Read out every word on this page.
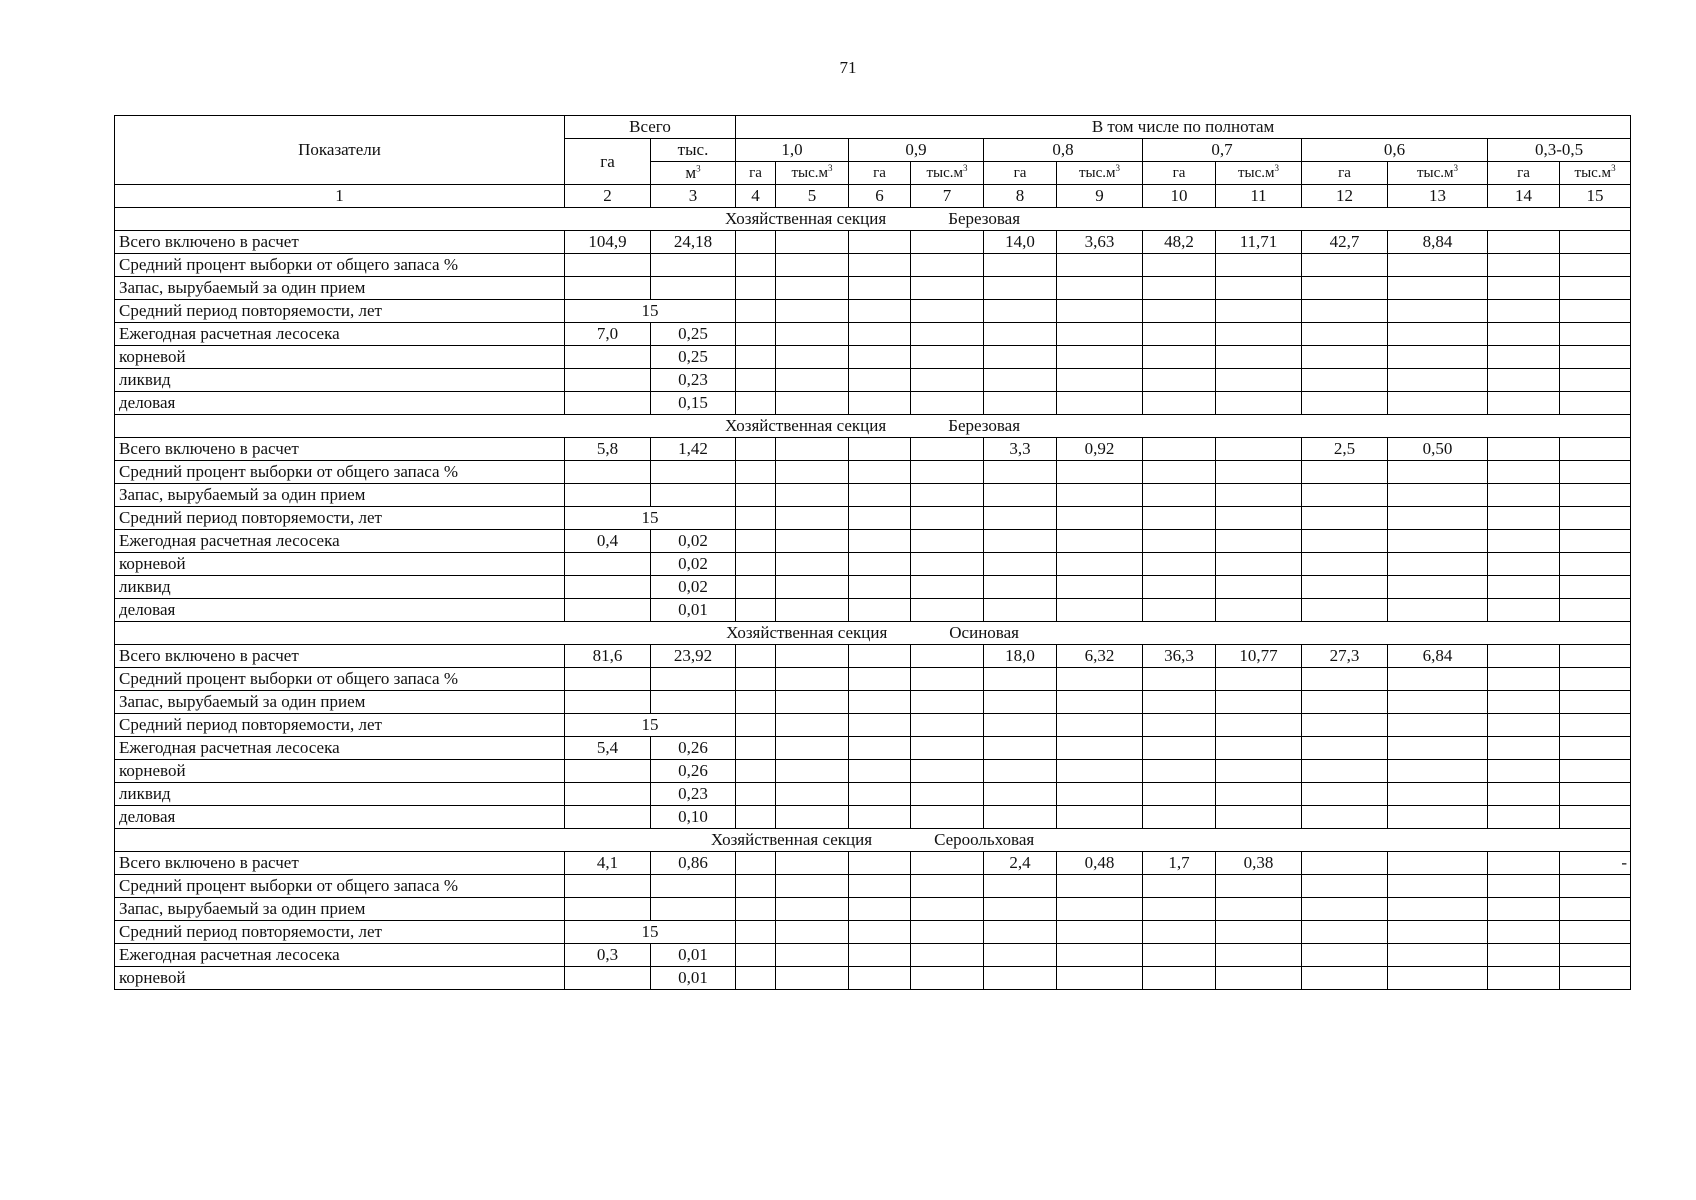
71
Показатели	Всего		В том числе по полнотам											
	га	тыс.	1,0		0,9		0,8		0,7		0,6		0,3-0,5	
		$м^3$	га	$тыс.м^3$	га	$тыс.м^3$	га	$тыс.м^3$	га	$тыс.м^3$	га	$тыс.м^3$	га	$тыс.м^3$
1	2	3	4	5	6	7	8	9	10	11	12	13	14	15
Хозяйственная секция Березовая														
Всего включено в расчет	104,9	24,18					14,0	3,63	48,2	11,71	42,7	8,84		
Средний процент выборки от общего запаса %														
Запас, вырубаемый за один прием														
Средний период повторяемости, лет	15													
Ежегодная расчетная лесосека	7,0	0,25												
корневой		0,25												
ликвид		0,23												
деловая		0,15												
Хозяйственная секция Березовая														
Всего включено в расчет	5,8	1,42					3,3	0,92			2,5	0,50		
Средний процент выборки от общего запаса %														
Запас, вырубаемый за один прием														
Средний период повторяемости, лет	15													
Ежегодная расчетная лесосека	0,4	0,02												
корневой		0,02												
ликвид		0,02												
деловая		0,01												
Хозяйственная секция Осиновая														
Всего включено в расчет	81,6	23,92					18,0	6,32	36,3	10,77	27,3	6,84		
Средний процент выборки от общего запаса %														
Запас, вырубаемый за один прием														
Средний период повторяемости, лет	15													
Ежегодная расчетная лесосека	5,4	0,26												
корневой		0,26												
ликвид		0,23												
деловая		0,10												
Хозяйственная секция Сероольховая														
Всего включено в расчет	4,1	0,86					2,4	0,48	1,7	0,38				-
Средний процент выборки от общего запаса %														
Запас, вырубаемый за один прием														
Средний период повторяемости, лет	15													
Ежегодная расчетная лесосека	0,3	0,01												
корневой		0,01												
